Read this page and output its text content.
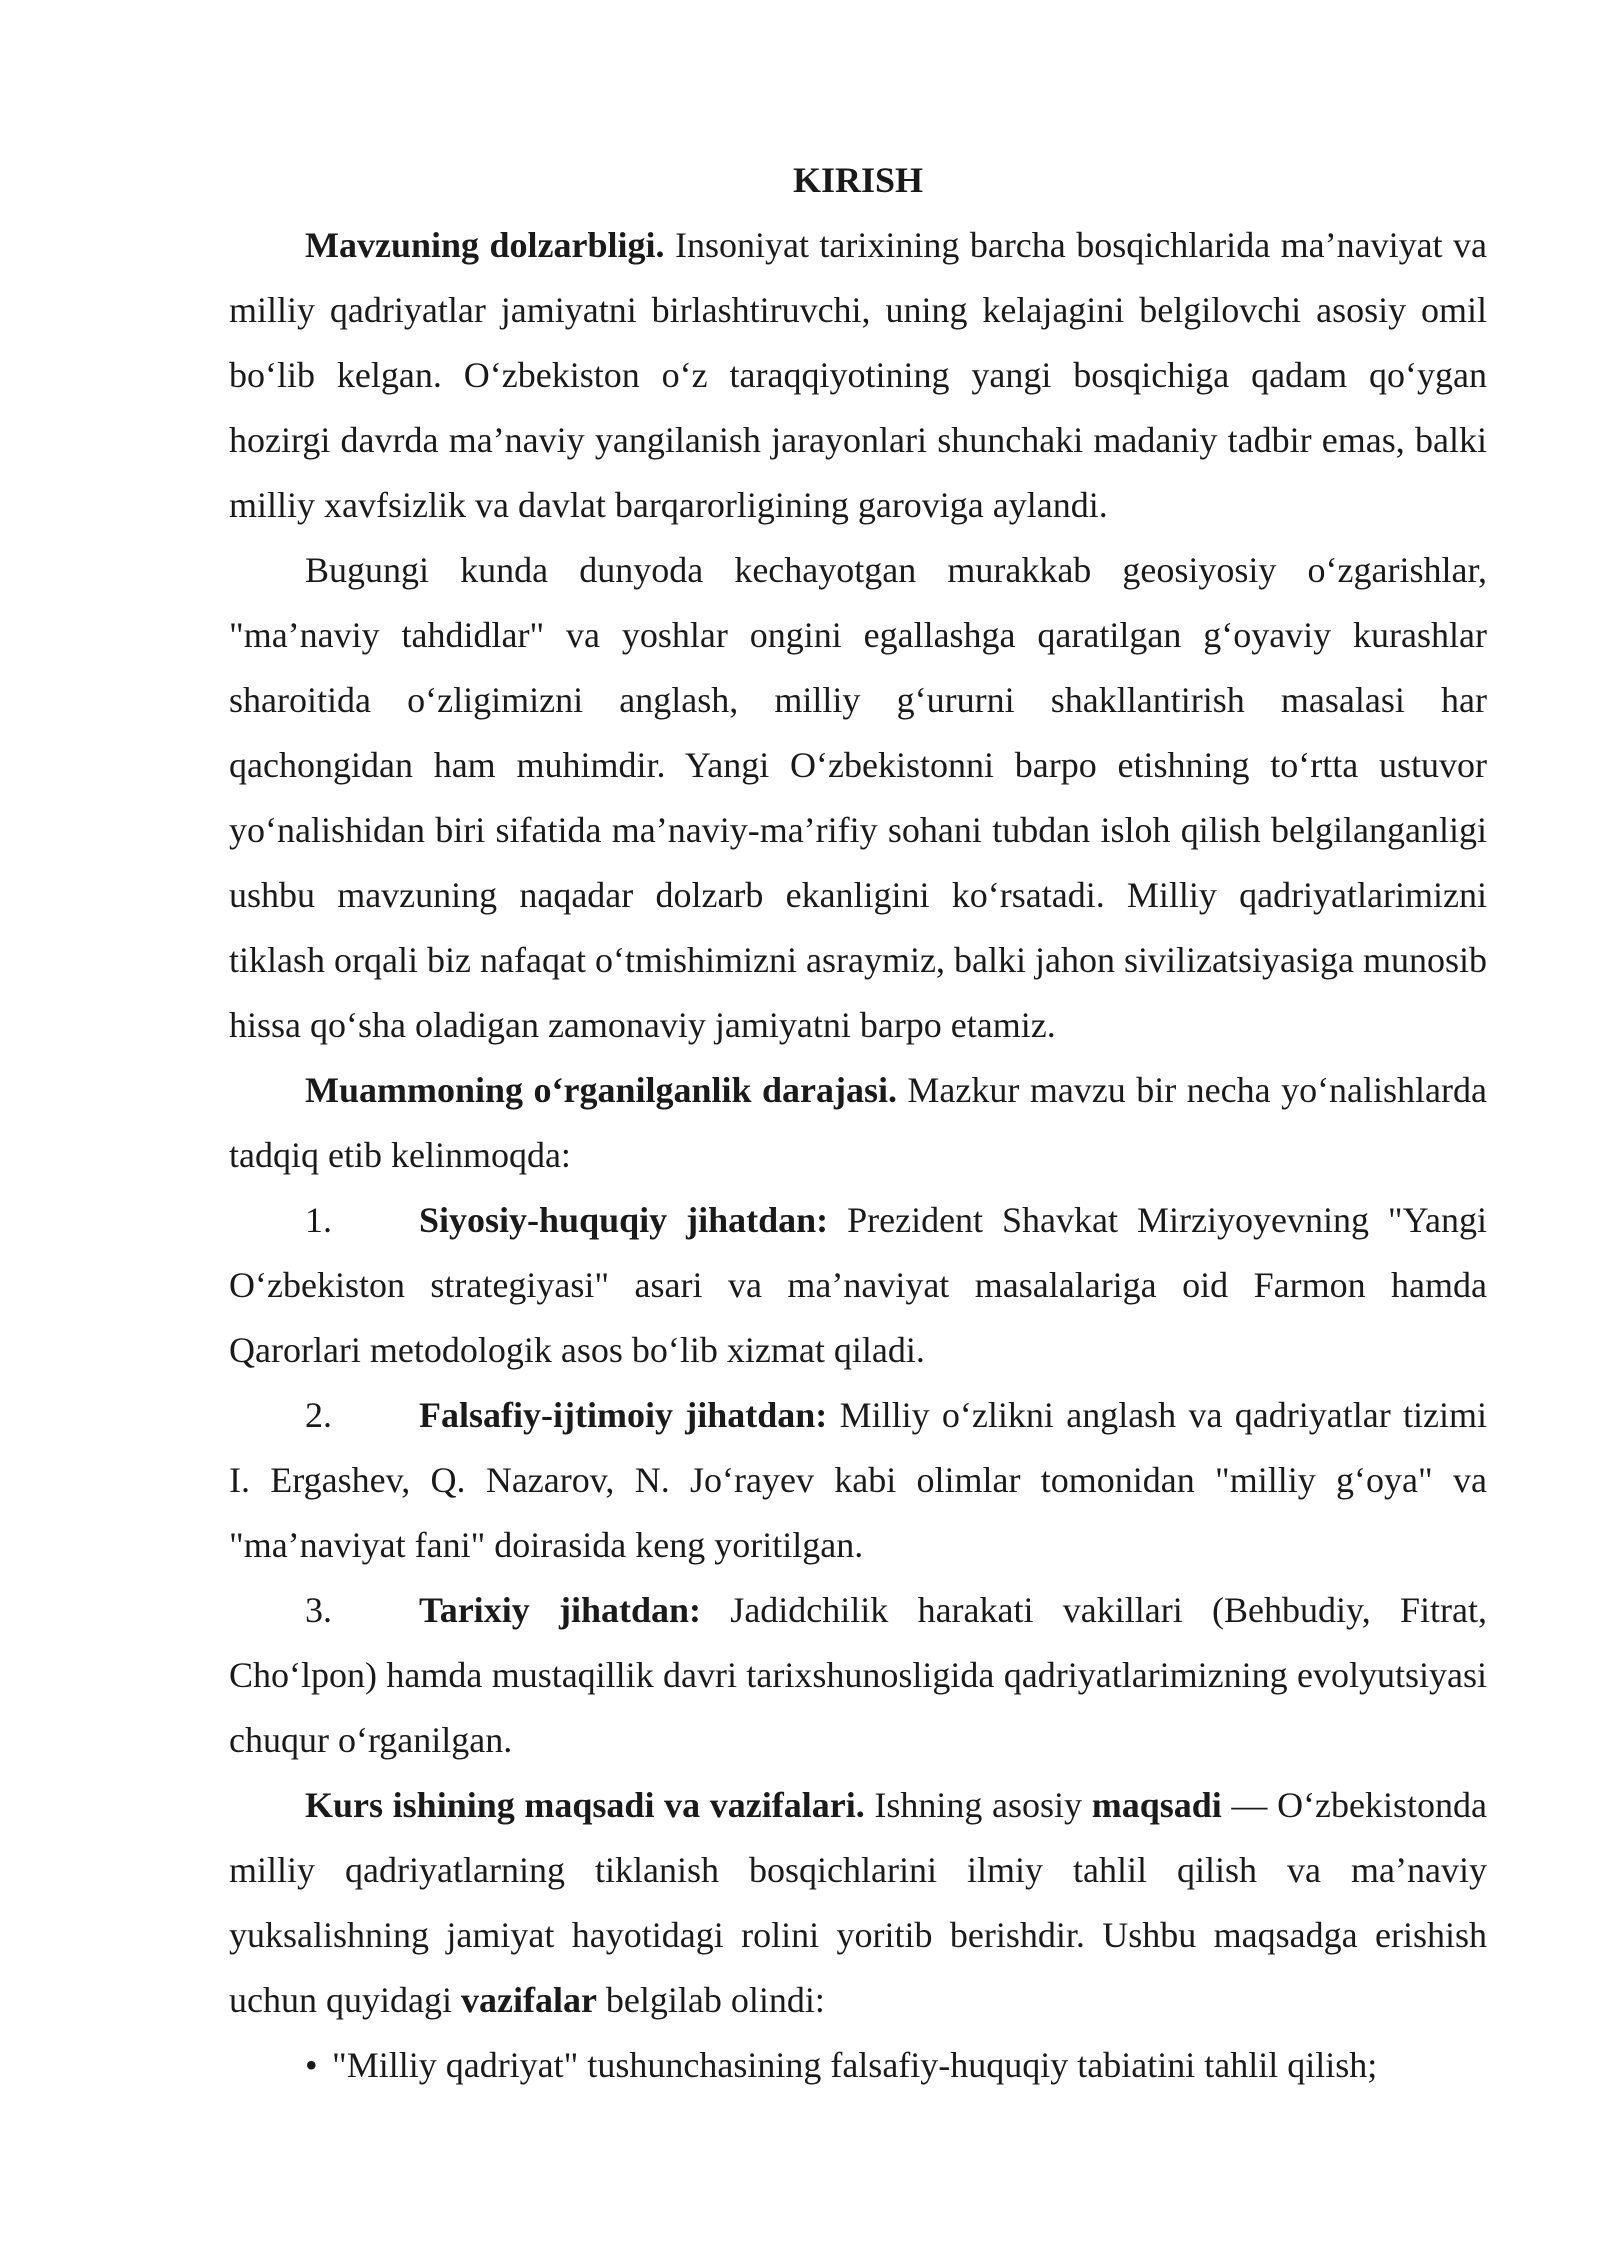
KIRISH

Mavzuning dolzarbligi. Insoniyat tarixining barcha bosqichlarida ma’naviyat va milliy qadriyatlar jamiyatni birlashtiruvchi, uning kelajagini belgilovchi asosiy omil bo‘lib kelgan. O‘zbekiston o‘z taraqqiyotining yangi bosqichiga qadam qo‘ygan hozirgi davrda ma’naviy yangilanish jarayonlari shunchaki madaniy tadbir emas, balki milliy xavfsizlik va davlat barqarorligining garoviga aylandi.

Bugungi kunda dunyoda kechayotgan murakkab geosiyosiy o‘zgarishlar, "ma’naviy tahdidlar" va yoshlar ongini egallashga qaratilgan g‘oyaviy kurashlar sharoitida o‘zligimizni anglash, milliy g‘ururni shakllantirish masalasi har qachongidan ham muhimdir. Yangi O‘zbekistonni barpo etishning to‘rtta ustuvor yo‘nalishidan biri sifatida ma’naviy-ma’rifiy sohani tubdan isloh qilish belgilanganligi ushbu mavzuning naqadar dolzarb ekanligini ko‘rsatadi. Milliy qadriyatlarimizni tiklash orqali biz nafaqat o‘tmishimizni asraymiz, balki jahon sivilizatsiyasiga munosib hissa qo‘sha oladigan zamonaviy jamiyatni barpo etamiz.

Muammoning o‘rganilganlik darajasi. Mazkur mavzu bir necha yo‘nalishlarda tadqiq etib kelinmoqda:

1. Siyosiy-huquqiy jihatdan: Prezident Shavkat Mirziyoyevning "Yangi O‘zbekiston strategiyasi" asari va ma’naviyat masalalariga oid Farmon hamda Qarorlari metodologik asos bo‘lib xizmat qiladi.

2. Falsafiy-ijtimoiy jihatdan: Milliy o‘zlikni anglash va qadriyatlar tizimi I. Ergashev, Q. Nazarov, N. Jo‘rayev kabi olimlar tomonidan "milliy g‘oya" va "ma’naviyat fani" doirasida keng yoritilgan.

3. Tarixiy jihatdan: Jadidchilik harakati vakillari (Behbudiy, Fitrat, Cho‘lpon) hamda mustaqillik davri tarixshunosligida qadriyatlarimizning evolyutsiyasi chuqur o‘rganilgan.

Kurs ishining maqsadi va vazifalari. Ishning asosiy maqsadi — O‘zbekistonda milliy qadriyatlarning tiklanish bosqichlarini ilmiy tahlil qilish va ma’naviy yuksalishning jamiyat hayotidagi rolini yoritib berishdir. Ushbu maqsadga erishish uchun quyidagi vazifalar belgilab olindi:

• "Milliy qadriyat" tushunchasining falsafiy-huquqiy tabiatini tahlil qilish;
